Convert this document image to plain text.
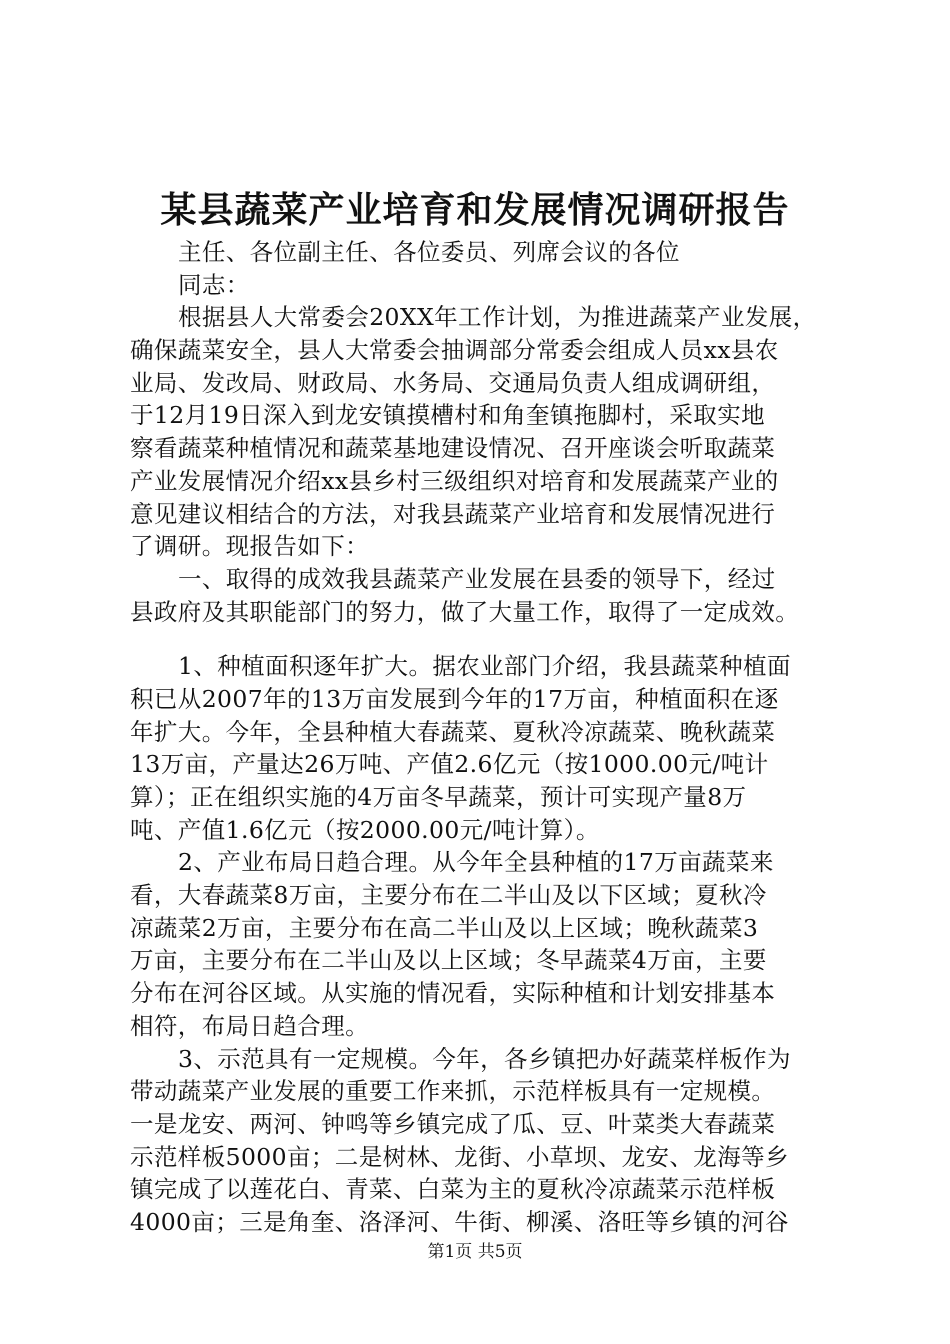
某县蔬菜产业培育和发展情况调研报告
主任、各位副主任、各位委员、列席会议的各位
同志：
根据县人大常委会20XX年工作计划，为推进蔬菜产业发展，
确保蔬菜安全，县人大常委会抽调部分常委会组成人员xx县农
业局、发改局、财政局、水务局、交通局负责人组成调研组，
于12月19日深入到龙安镇摸槽村和角奎镇拖脚村，采取实地
察看蔬菜种植情况和蔬菜基地建设情况、召开座谈会听取蔬菜
产业发展情况介绍xx县乡村三级组织对培育和发展蔬菜产业的
意见建议相结合的方法，对我县蔬菜产业培育和发展情况进行
了调研。现报告如下：
一、取得的成效我县蔬菜产业发展在县委的领导下，经过
县政府及其职能部门的努力，做了大量工作，取得了一定成效。
1、种植面积逐年扩大。据农业部门介绍，我县蔬菜种植面
积已从2007年的13万亩发展到今年的17万亩，种植面积在逐
年扩大。今年，全县种植大春蔬菜、夏秋冷凉蔬菜、晚秋蔬菜
13万亩，产量达26万吨、产值2.6亿元（按1000.00元/吨计
算）；正在组织实施的4万亩冬早蔬菜，预计可实现产量8万
吨、产值1.6亿元（按2000.00元/吨计算）。
2、产业布局日趋合理。从今年全县种植的17万亩蔬菜来
看，大春蔬菜8万亩，主要分布在二半山及以下区域；夏秋冷
凉蔬菜2万亩，主要分布在高二半山及以上区域；晚秋蔬菜3
万亩，主要分布在二半山及以上区域；冬早蔬菜4万亩，主要
分布在河谷区域。从实施的情况看，实际种植和计划安排基本
相符，布局日趋合理。
3、示范具有一定规模。今年，各乡镇把办好蔬菜样板作为
带动蔬菜产业发展的重要工作来抓，示范样板具有一定规模。
一是龙安、两河、钟鸣等乡镇完成了瓜、豆、叶菜类大春蔬菜
示范样板5000亩；二是树林、龙街、小草坝、龙安、龙海等乡
镇完成了以莲花白、青菜、白菜为主的夏秋冷凉蔬菜示范样板
4000亩；三是角奎、洛泽河、牛街、柳溪、洛旺等乡镇的河谷
第1页 共5页
